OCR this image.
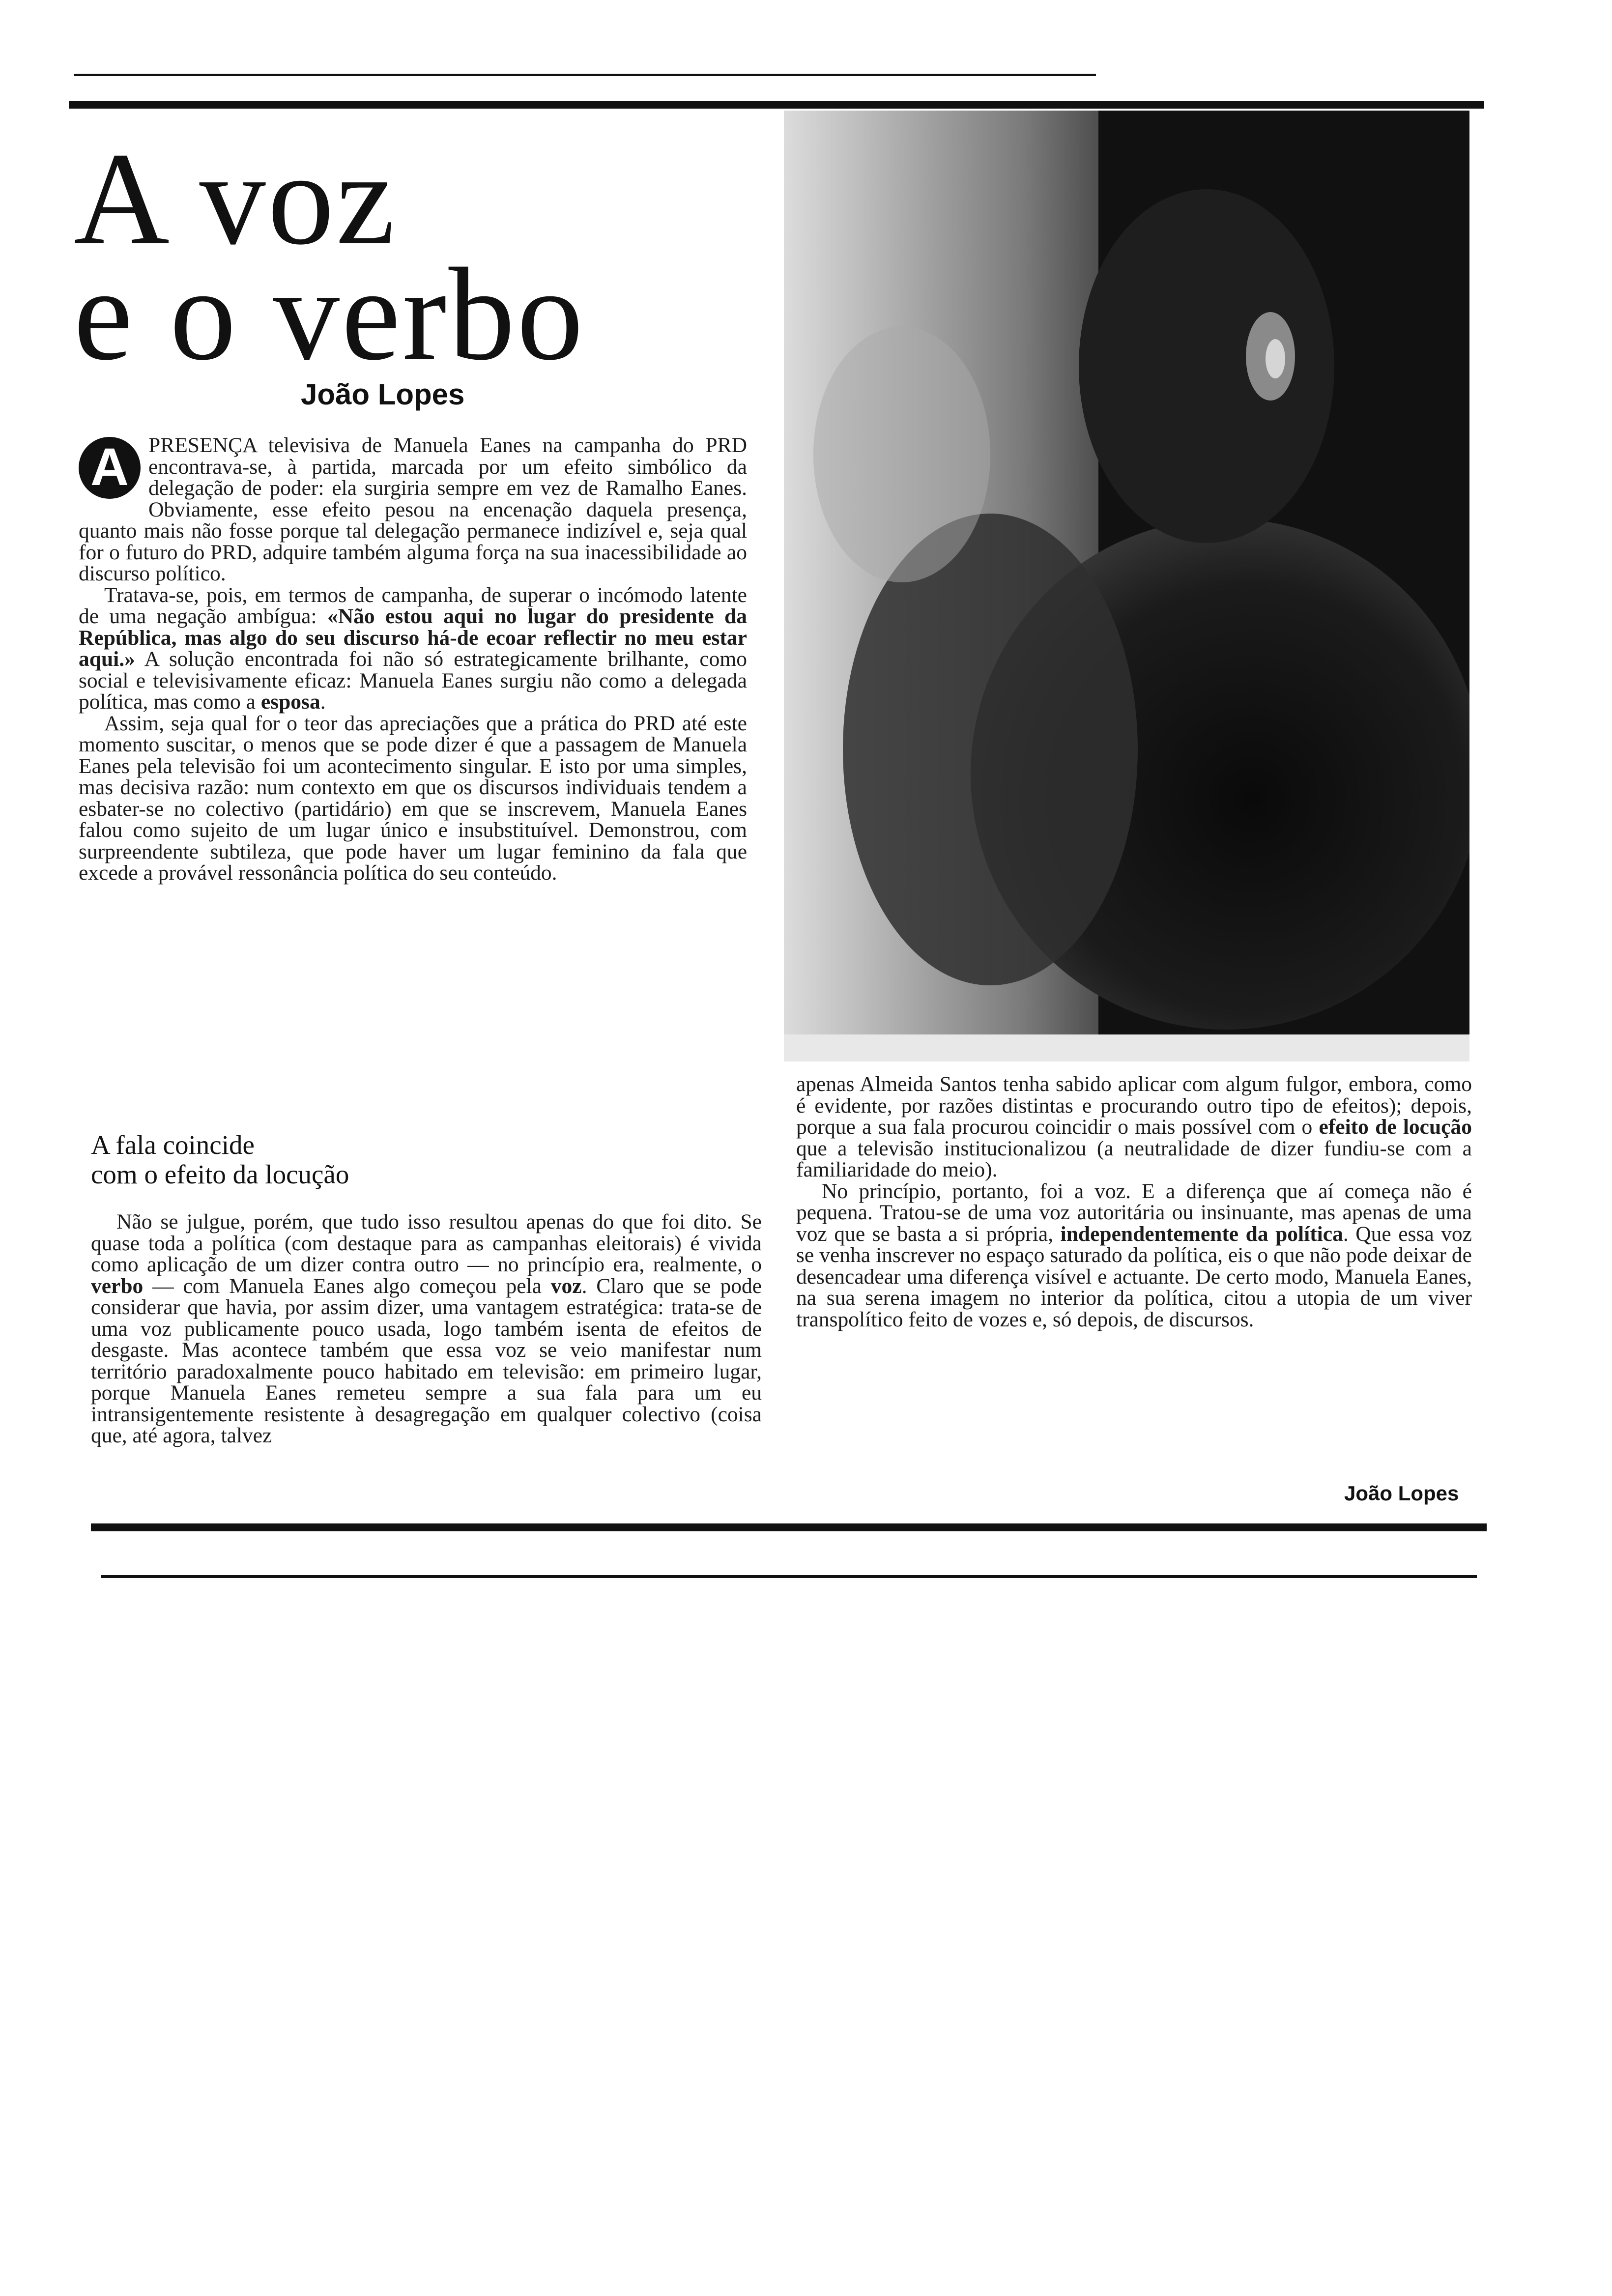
A voz
e o verbo
João Lopes

A PRESENÇA televisiva de Manuela Eanes na campanha do PRD encontrava-se, à partida, marcada por um efeito simbólico da delegação de poder: ela surgiria sempre em vez de Ramalho Eanes. Obviamente, esse efeito pesou na encenação daquela presença, quanto mais não fosse porque tal delegação permanece indizível e, seja qual for o futuro do PRD, adquire também alguma força na sua inacessibilidade ao discurso político.

Tratava-se, pois, em termos de campanha, de superar o incómodo latente de uma negação ambígua: «Não estou aqui no lugar do presidente da República, mas algo do seu discurso há-de ecoar reflectir no meu estar aqui.» A solução encontrada foi não só estrategicamente brilhante, como social e televisivamente eficaz: Manuela Eanes surgiu não como a delegada política, mas como a esposa.

Assim, seja qual for o teor das apreciações que a prática do PRD até este momento suscitar, o menos que se pode dizer é que a passagem de Manuela Eanes pela televisão foi um acontecimento singular. E isto por uma simples, mas decisiva razão: num contexto em que os discursos individuais tendem a esbater-se no colectivo (partidário) em que se inscrevem, Manuela Eanes falou como sujeito de um lugar único e insubstituível. Demonstrou, com surpreendente subtileza, que pode haver um lugar feminino da fala que excede a provável ressonância política do seu conteúdo.

A fala coincide
com o efeito da locução

Não se julgue, porém, que tudo isso resultou apenas do que foi dito. Se quase toda a política (com destaque para as campanhas eleitorais) é vivida como aplicação de um dizer contra outro — no princípio era, realmente, o verbo — com Manuela Eanes algo começou pela voz. Claro que se pode considerar que havia, por assim dizer, uma vantagem estratégica: trata-se de uma voz publicamente pouco usada, logo também isenta de efeitos de desgaste. Mas acontece também que essa voz se veio manifestar num território paradoxalmente pouco habitado em televisão: em primeiro lugar, porque Manuela Eanes remeteu sempre a sua fala para um eu intransigentemente resistente à desagregação em qualquer colectivo (coisa que, até agora, talvez

apenas Almeida Santos tenha sabido aplicar com algum fulgor, embora, como é evidente, por razões distintas e procurando outro tipo de efeitos); depois, porque a sua fala procurou coincidir o mais possível com o efeito de locução que a televisão institucionalizou (a neutralidade de dizer fundiu-se com a familiaridade do meio).

No princípio, portanto, foi a voz. E a diferença que aí começa não é pequena. Tratou-se de uma voz autoritária ou insinuante, mas apenas de uma voz que se basta a si própria, independentemente da política. Que essa voz se venha inscrever no espaço saturado da política, eis o que não pode deixar de desencadear uma diferença visível e actuante. De certo modo, Manuela Eanes, na sua serena imagem no interior da política, citou a utopia de um viver transpolítico feito de vozes e, só depois, de discursos.

João Lopes
